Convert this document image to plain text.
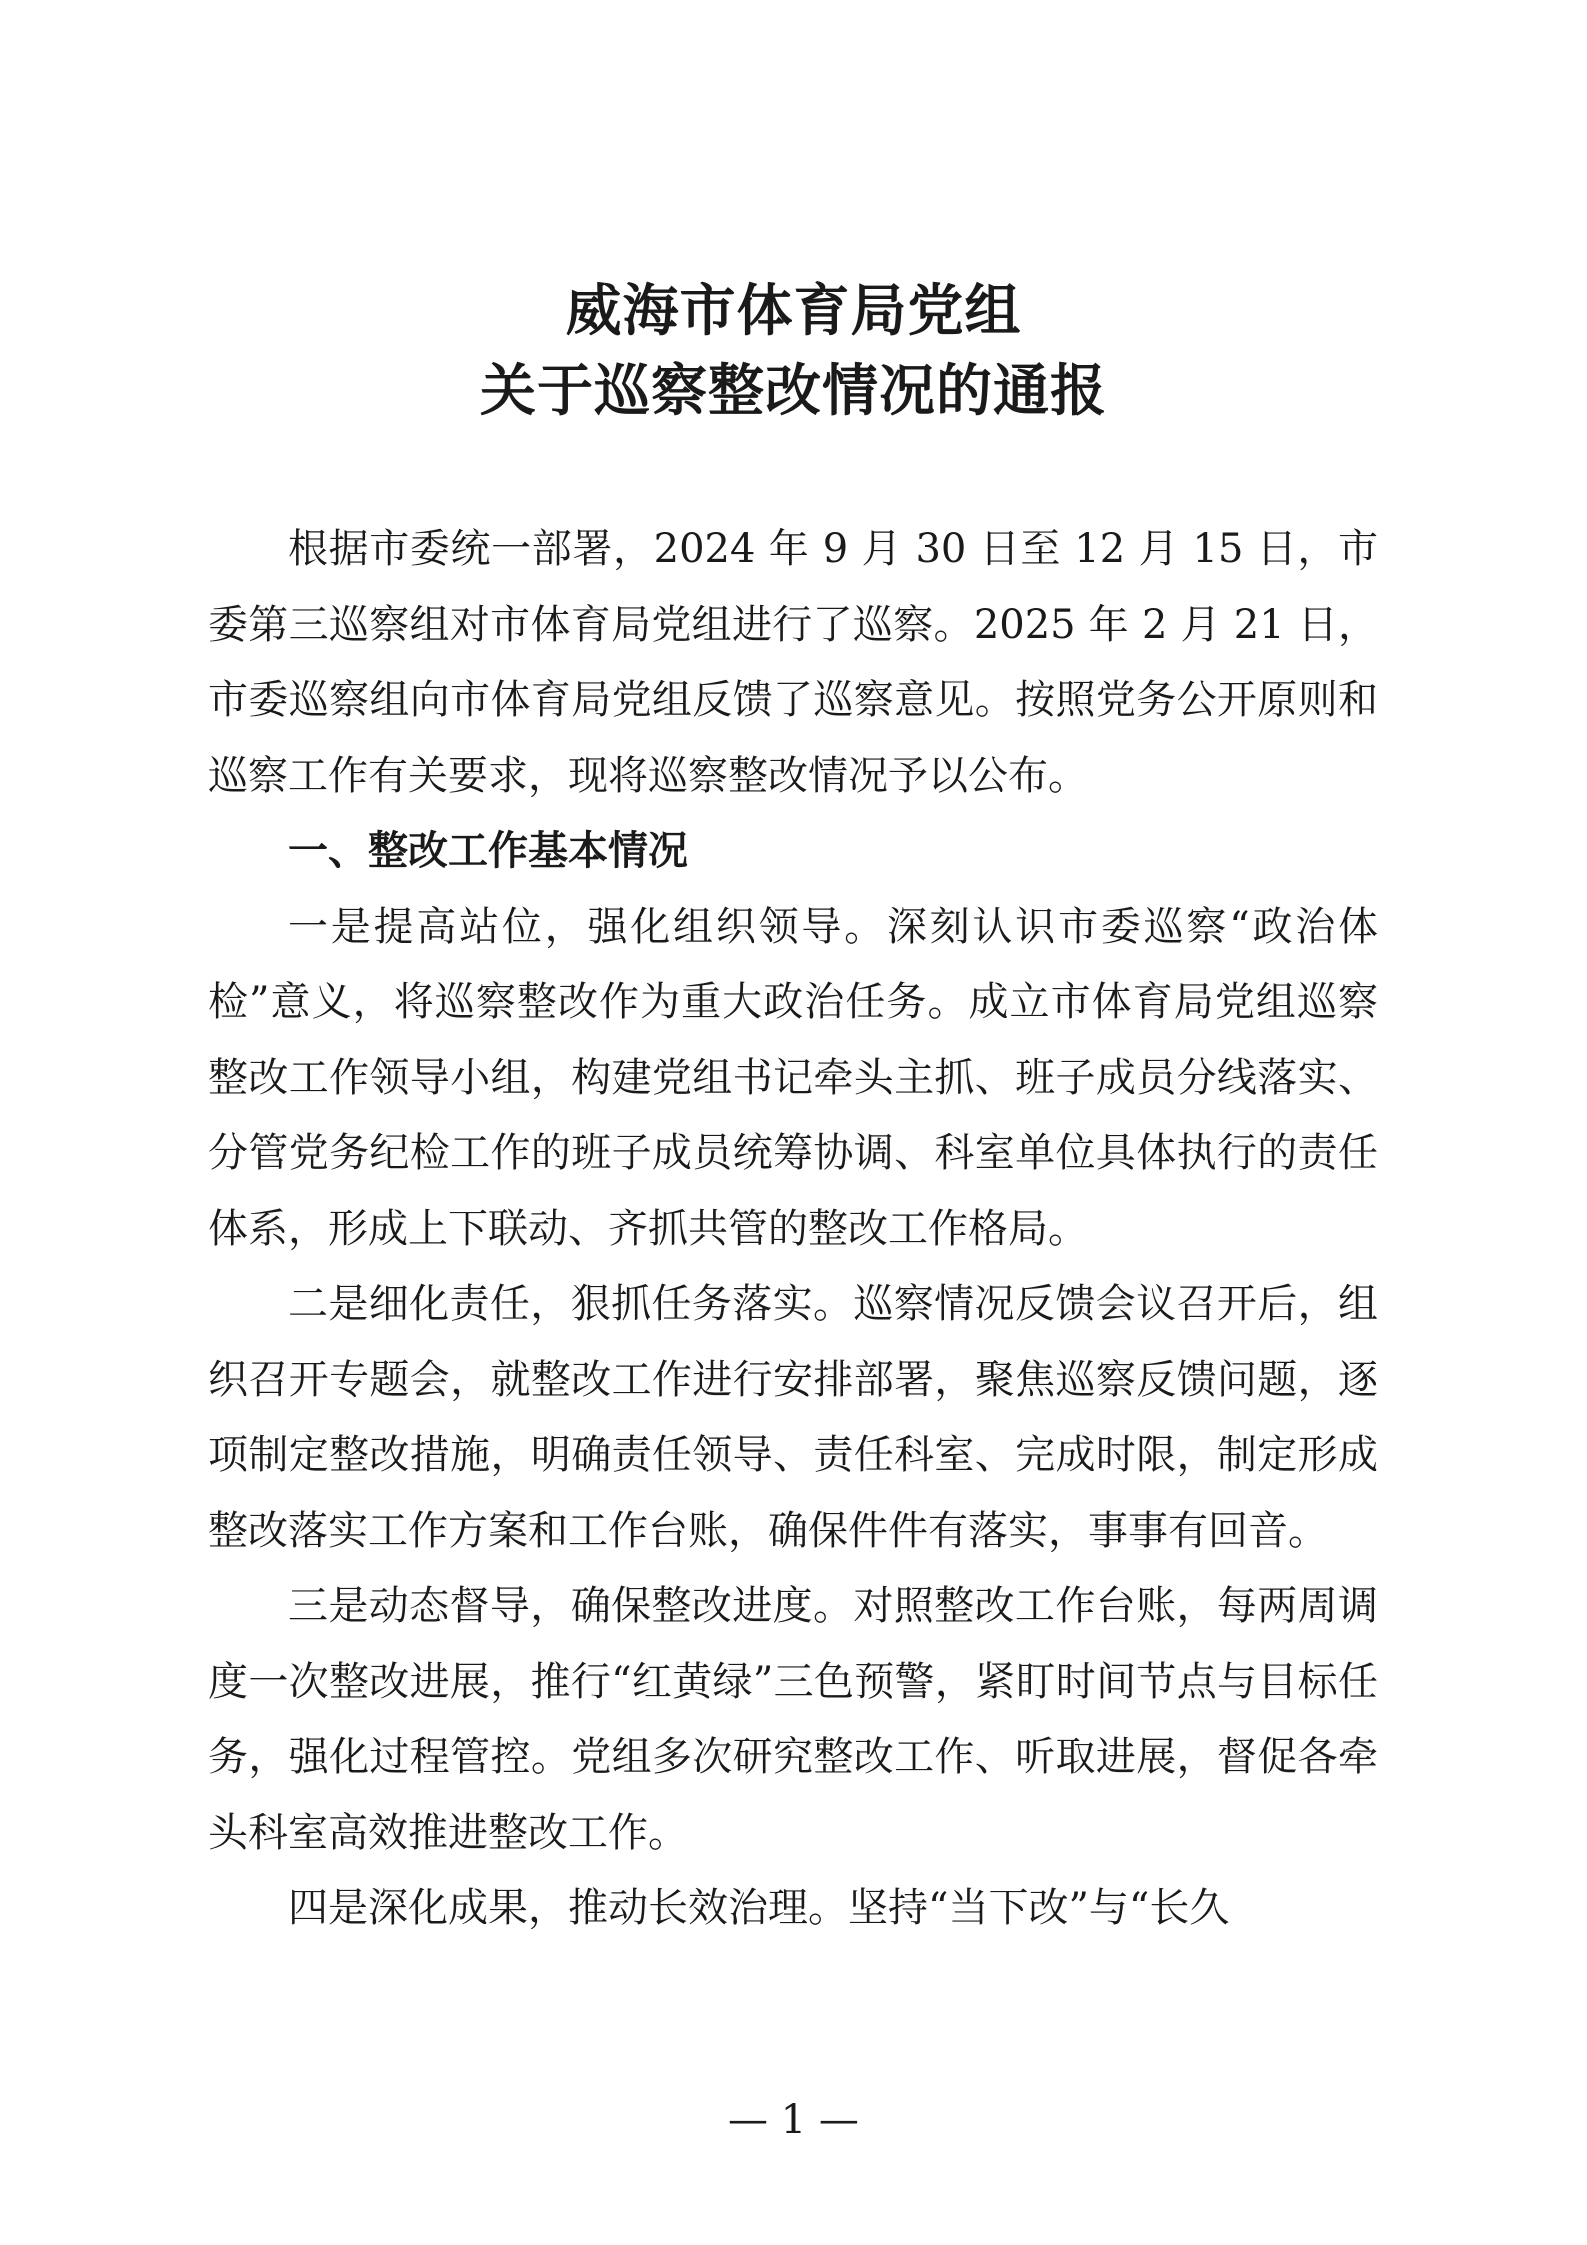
威海市体育局党组
关于巡察整改情况的通报

根据市委统一部署，2024 年 9 月 30 日至 12 月 15 日，市委第三巡察组对市体育局党组进行了巡察。2025 年 2 月 21 日，市委巡察组向市体育局党组反馈了巡察意见。按照党务公开原则和巡察工作有关要求，现将巡察整改情况予以公布。

一、整改工作基本情况

一是提高站位，强化组织领导。深刻认识市委巡察“政治体检”意义，将巡察整改作为重大政治任务。成立市体育局党组巡察整改工作领导小组，构建党组书记牵头主抓、班子成员分线落实、分管党务纪检工作的班子成员统筹协调、科室单位具体执行的责任体系，形成上下联动、齐抓共管的整改工作格局。

二是细化责任，狠抓任务落实。巡察情况反馈会议召开后，组织召开专题会，就整改工作进行安排部署，聚焦巡察反馈问题，逐项制定整改措施，明确责任领导、责任科室、完成时限，制定形成整改落实工作方案和工作台账，确保件件有落实，事事有回音。

三是动态督导，确保整改进度。对照整改工作台账，每两周调度一次整改进展，推行“红黄绿”三色预警，紧盯时间节点与目标任务，强化过程管控。党组多次研究整改工作、听取进展，督促各牵头科室高效推进整改工作。

四是深化成果，推动长效治理。坚持“当下改”与“长久

— 1 —
